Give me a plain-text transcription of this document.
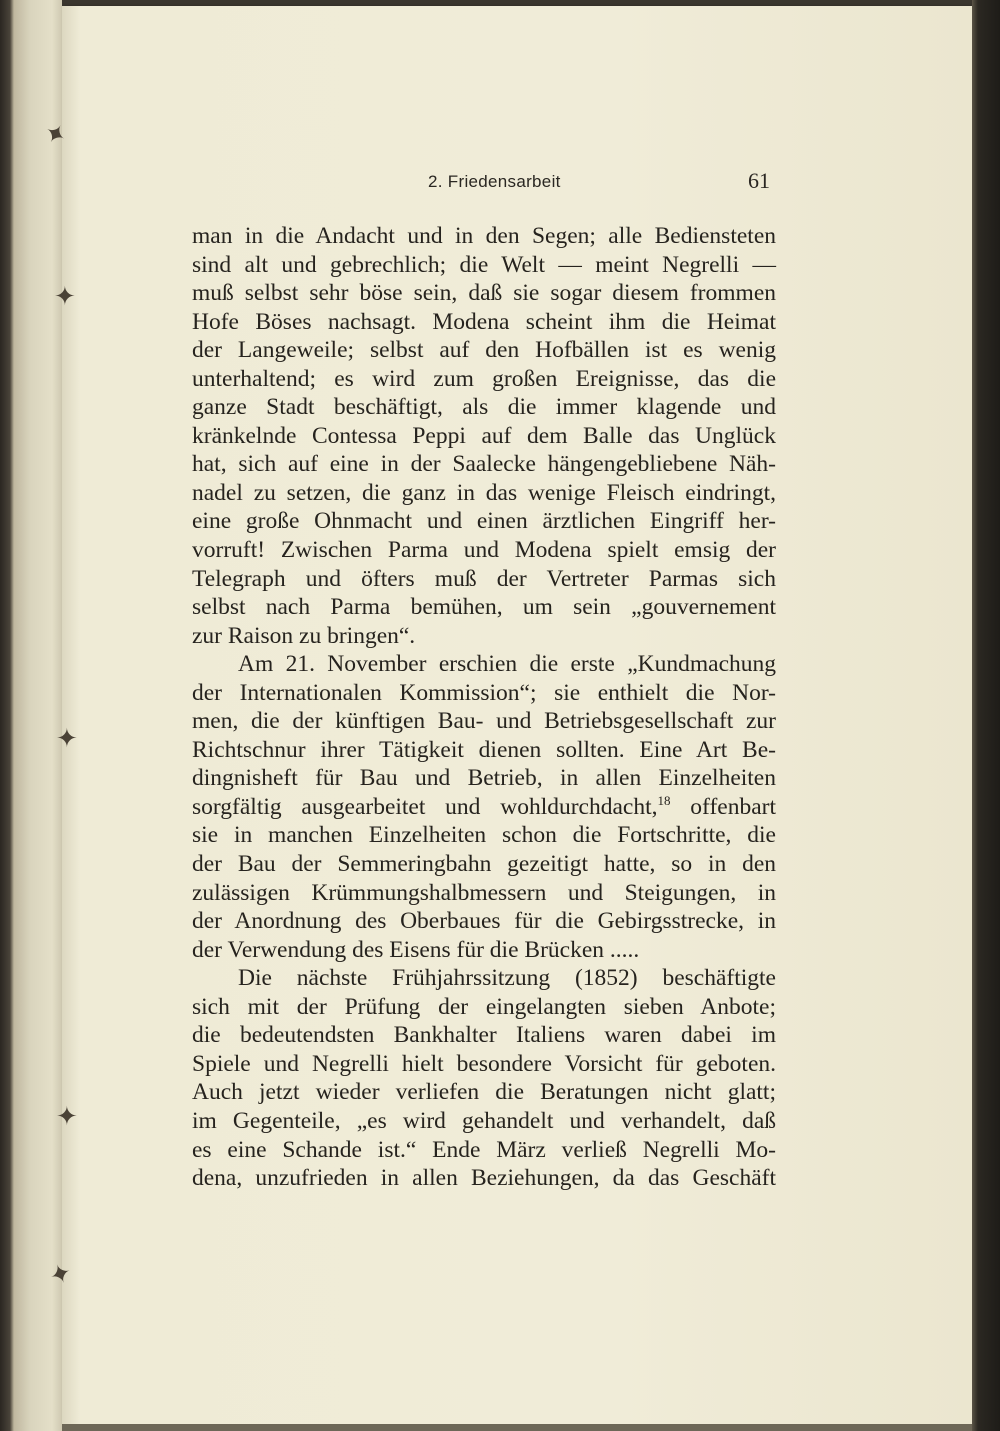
✦
✦
✦
✦
✦
2. Friedensarbeit	61
man in die Andacht und in den Segen; alle Bediensteten
sind alt und gebrechlich; die Welt — meint Negrelli —
muß selbst sehr böse sein, daß sie sogar diesem frommen
Hofe Böses nachsagt. Modena scheint ihm die Heimat
der Langeweile; selbst auf den Hofbällen ist es wenig
unterhaltend; es wird zum großen Ereignisse, das die
ganze Stadt beschäftigt, als die immer klagende und
kränkelnde Contessa Peppi auf dem Balle das Unglück
hat, sich auf eine in der Saalecke hängengebliebene Näh-
nadel zu setzen, die ganz in das wenige Fleisch eindringt,
eine große Ohnmacht und einen ärztlichen Eingriff her-
vorruft! Zwischen Parma und Modena spielt emsig der
Telegraph und öfters muß der Vertreter Parmas sich
selbst nach Parma bemühen, um sein „gouvernement
zur Raison zu bringen“.
Am 21. November erschien die erste „Kundmachung
der Internationalen Kommission“; sie enthielt die Nor-
men, die der künftigen Bau- und Betriebsgesellschaft zur
Richtschnur ihrer Tätigkeit dienen sollten. Eine Art Be-
dingnisheft für Bau und Betrieb, in allen Einzelheiten
sorgfältig ausgearbeitet und wohldurchdacht,$^{18}$ offenbart
sie in manchen Einzelheiten schon die Fortschritte, die
der Bau der Semmeringbahn gezeitigt hatte, so in den
zulässigen Krümmungshalbmessern und Steigungen, in
der Anordnung des Oberbaues für die Gebirgsstrecke, in
der Verwendung des Eisens für die Brücken .....
Die nächste Frühjahrssitzung (1852) beschäftigte
sich mit der Prüfung der eingelangten sieben Anbote;
die bedeutendsten Bankhalter Italiens waren dabei im
Spiele und Negrelli hielt besondere Vorsicht für geboten.
Auch jetzt wieder verliefen die Beratungen nicht glatt;
im Gegenteile, „es wird gehandelt und verhandelt, daß
es eine Schande ist.“ Ende März verließ Negrelli Mo-
dena, unzufrieden in allen Beziehungen, da das Geschäft
